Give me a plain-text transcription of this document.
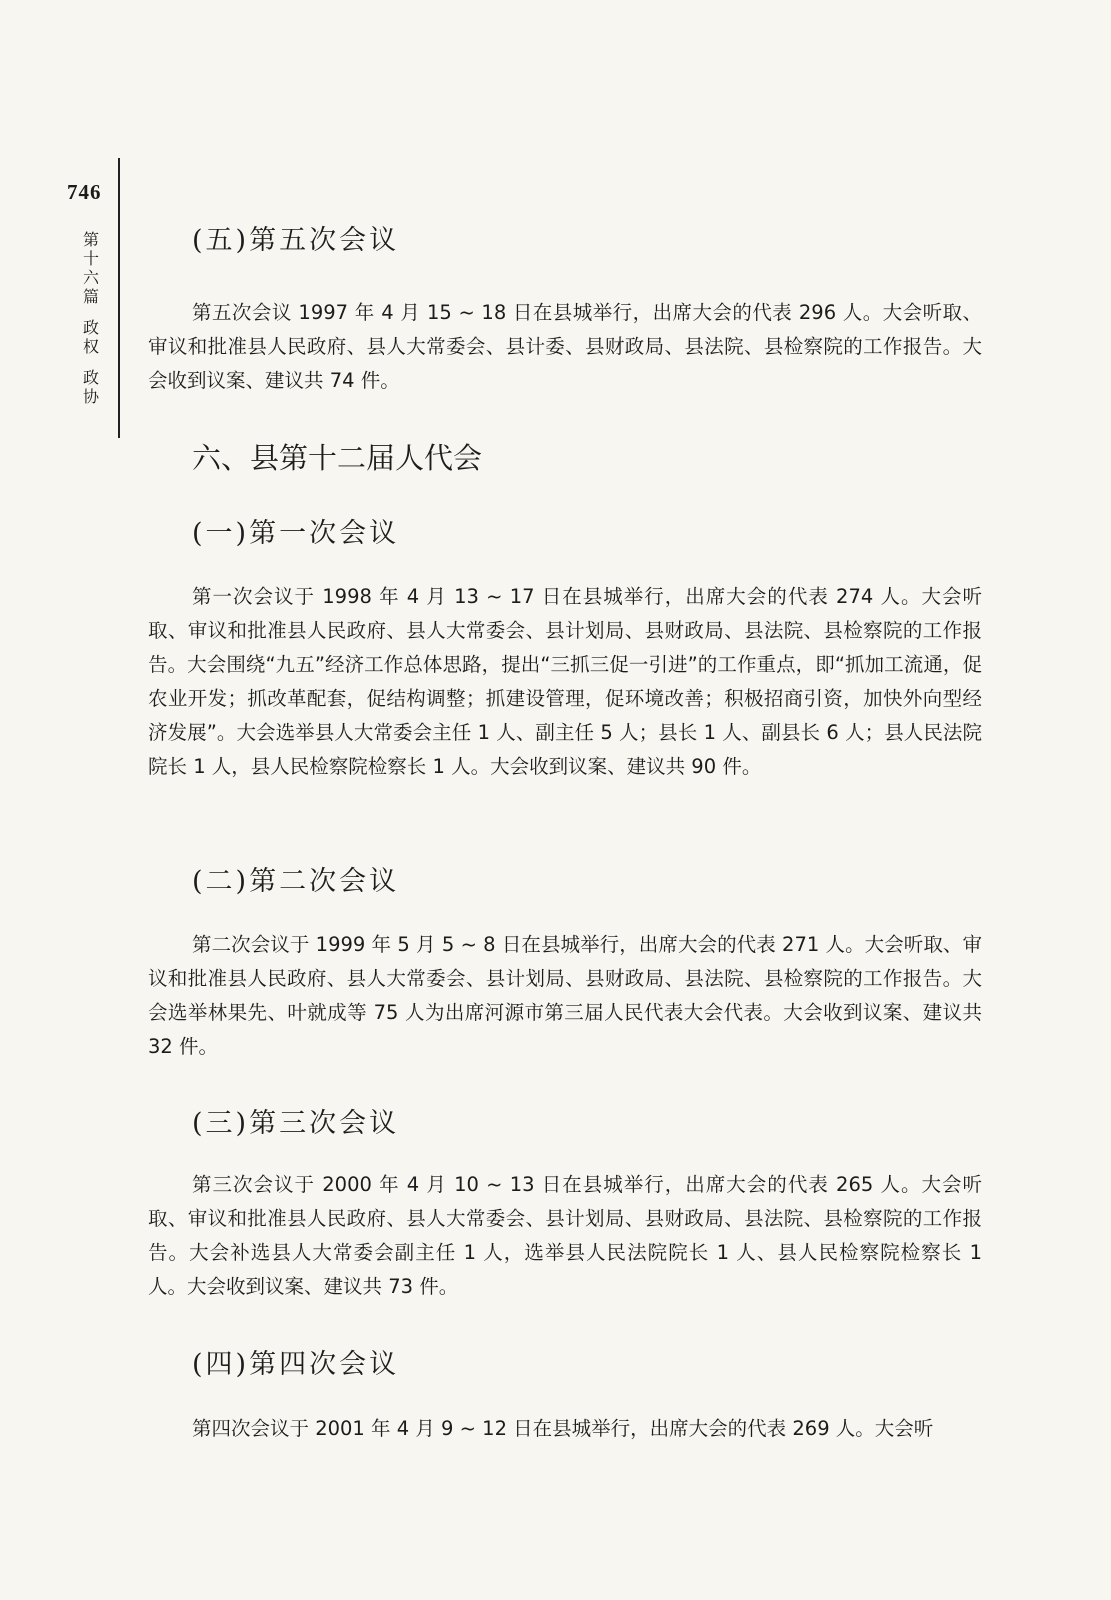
746
第
十
六
篇
政
权
政
协
(五)第五次会议

第五次会议 1997 年 4 月 15 ~ 18 日在县城举行，出席大会的代表 296 人。大会听取、审议和批准县人民政府、县人大常委会、县计委、县财政局、县法院、县检察院的工作报告。大会收到议案、建议共 74 件。

六、县第十二届人代会
(一)第一次会议

第一次会议于 1998 年 4 月 13 ~ 17 日在县城举行，出席大会的代表 274 人。大会听取、审议和批准县人民政府、县人大常委会、县计划局、县财政局、县法院、县检察院的工作报告。大会围绕“九五”经济工作总体思路，提出“三抓三促一引进”的工作重点，即“抓加工流通，促农业开发；抓改革配套，促结构调整；抓建设管理，促环境改善；积极招商引资，加快外向型经济发展”。大会选举县人大常委会主任 1 人、副主任 5 人；县长 1 人、副县长 6 人；县人民法院院长 1 人，县人民检察院检察长 1 人。大会收到议案、建议共 90 件。

(二)第二次会议

第二次会议于 1999 年 5 月 5 ~ 8 日在县城举行，出席大会的代表 271 人。大会听取、审议和批准县人民政府、县人大常委会、县计划局、县财政局、县法院、县检察院的工作报告。大会选举林果先、叶就成等 75 人为出席河源市第三届人民代表大会代表。大会收到议案、建议共 32 件。

(三)第三次会议

第三次会议于 2000 年 4 月 10 ~ 13 日在县城举行，出席大会的代表 265 人。大会听取、审议和批准县人民政府、县人大常委会、县计划局、县财政局、县法院、县检察院的工作报告。大会补选县人大常委会副主任 1 人，选举县人民法院院长 1 人、县人民检察院检察长 1 人。大会收到议案、建议共 73 件。

(四)第四次会议

第四次会议于 2001 年 4 月 9 ~ 12 日在县城举行，出席大会的代表 269 人。大会听
